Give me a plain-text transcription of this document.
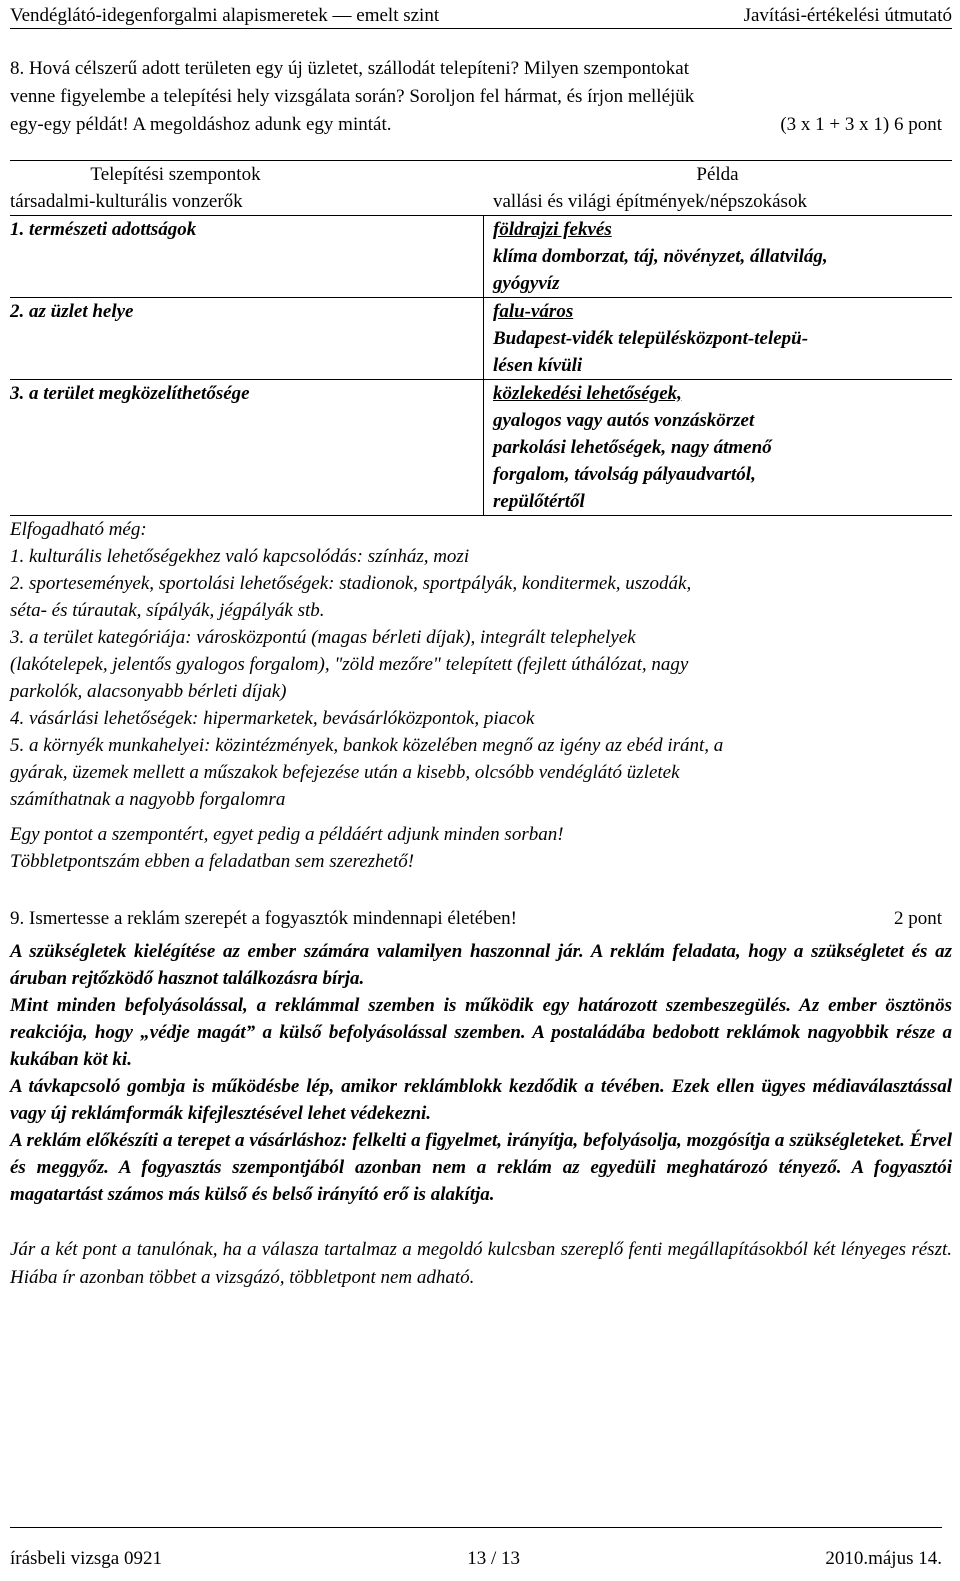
Vendéglátó-idegenforgalmi alapismeretek — emelt szint	Javítási-értékelési útmutató
8. Hová célszerű adott területen egy új üzletet, szállodát telepíteni? Milyen szempontokat
venne figyelembe a telepítési hely vizsgálata során? Soroljon fel hármat, és írjon melléjük
(3 x 1 + 3 x 1) 6 pont
egy-egy példát! A megoldáshoz adunk egy mintát.
Telepítési szempontok	Példa
társadalmi-kulturális vonzerők	vallási és világi építmények/népszokások
1. természeti adottságok	földrajzi fekvés
klíma domborzat, táj, növényzet, állatvilág,
gyógyvíz
2. az üzlet helye	falu-város
Budapest-vidék településközpont-telepü-
lésen kívüli
3. a terület megközelíthetősége	közlekedési lehetőségek,
gyalogos vagy autós vonzáskörzet
parkolási lehetőségek, nagy átmenő
forgalom, távolság pályaudvartól,
repülőtértől
Elfogadható még:
1. kulturális lehetőségekhez való kapcsolódás: színház, mozi
2. sportesemények, sportolási lehetőségek: stadionok, sportpályák, konditermek, uszodák,
séta- és túrautak, sípályák, jégpályák stb.
3. a terület kategóriája: városközpontú (magas bérleti díjak), integrált telephelyek
(lakótelepek, jelentős gyalogos forgalom), "zöld mezőre" telepített (fejlett úthálózat, nagy
parkolók, alacsonyabb bérleti díjak)
4. vásárlási lehetőségek: hipermarketek, bevásárlóközpontok, piacok
5. a környék munkahelyei: közintézmények, bankok közelében megnő az igény az ebéd iránt, a
gyárak, üzemek mellett a műszakok befejezése után a kisebb, olcsóbb vendéglátó üzletek
számíthatnak a nagyobb forgalomra
Egy pontot a szempontért, egyet pedig a példáért adjunk minden sorban!
Többletpontszám ebben a feladatban sem szerezhető!
9. Ismertesse a reklám szerepét a fogyasztók mindennapi életében!	2 pont

A szükségletek kielégítése az ember számára valamilyen haszonnal jár. A reklám feladata, hogy a szükségletet és az áruban rejtőzködő hasznot találkozásra bírja.

Mint minden befolyásolással, a reklámmal szemben is működik egy határozott szembeszegülés. Az ember ösztönös reakciója, hogy „védje magát” a külső befolyásolással szemben. A postaládába bedobott reklámok nagyobbik része a kukában köt ki.

A távkapcsoló gombja is működésbe lép, amikor reklámblokk kezdődik a tévében. Ezek ellen ügyes médiaválasztással vagy új reklámformák kifejlesztésével lehet védekezni.

A reklám előkészíti a terepet a vásárláshoz: felkelti a figyelmet, irányítja, befolyásolja, mozgósítja a szükségleteket. Érvel és meggyőz. A fogyasztás szempontjából azonban nem a reklám az egyedüli meghatározó tényező. A fogyasztói magatartást számos más külső és belső irányító erő is alakítja.

Jár a két pont a tanulónak, ha a válasza tartalmaz a megoldó kulcsban szereplő fenti megállapításokból két lényeges részt. Hiába ír azonban többet a vizsgázó, többletpont nem adható.

írásbeli vizsga 0921	13 / 13	2010.május 14.
